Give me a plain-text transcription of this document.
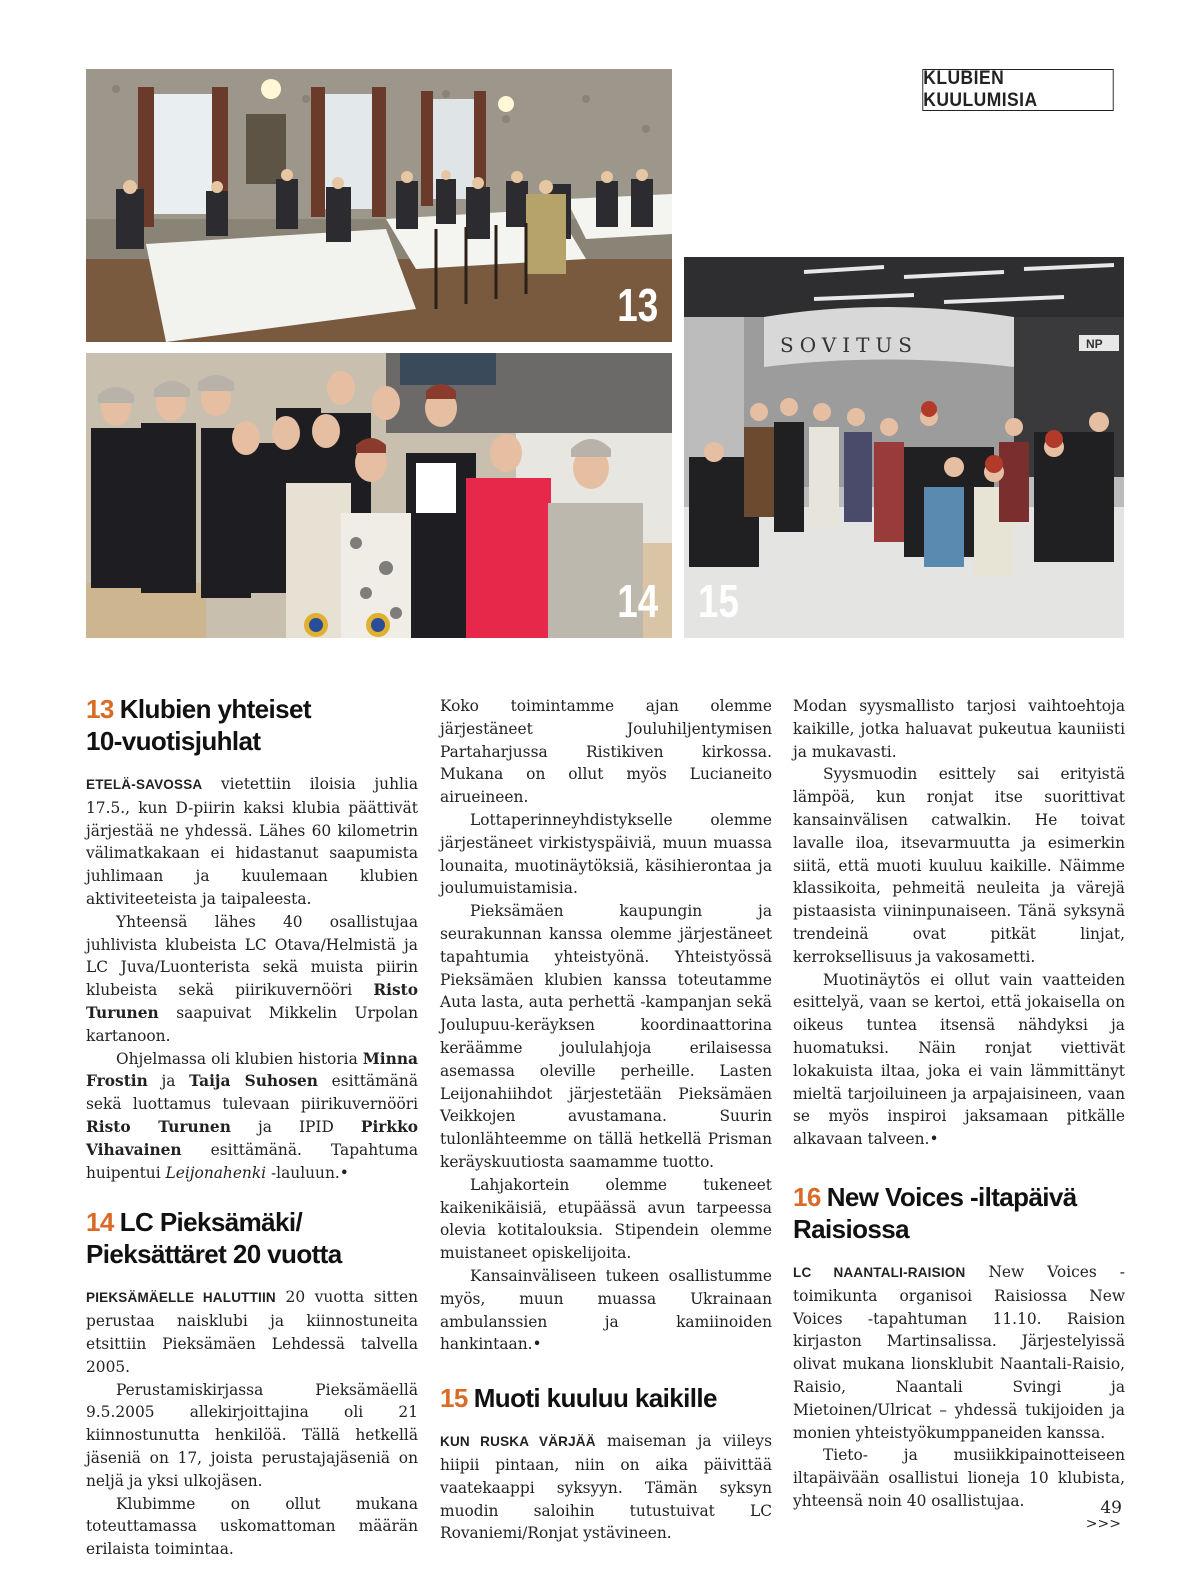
KLUBIEN KUULUMISIA
13
14
SOVITUS	NP
15
13 Klubien yhteiset
10-vuotisjuhlat

ETELÄ-SAVOSSA vietettiin iloisia juhlia 17.5., kun D-piirin kaksi klubia päättivät järjestää ne yhdessä. Lähes 60 kilometrin välimatkakaan ei hidastanut saapumista juhlimaan ja kuulemaan klubien aktiviteeteista ja taipaleesta.

Yhteensä lähes 40 osallistujaa juhlivista klubeista LC Otava/Helmistä ja LC Juva/Luonterista sekä muista piirin klubeista sekä piirikuvernööri Risto Turunen saapuivat Mikkelin Urpolan kartanoon.

Ohjelmassa oli klubien historia Minna Frostin ja Taija Suhosen esittämänä sekä luottamus tulevaan piirikuvernööri Risto Turunen ja IPID Pirkko Vihavainen esittämänä. Tapahtuma huipentui Leijonahenki -lauluun.•

14 LC Pieksämäki/
Pieksättäret 20 vuotta

PIEKSÄMÄELLE HALUTTIIN 20 vuotta sitten perustaa naisklubi ja kiinnostuneita etsittiin Pieksämäen Lehdessä talvella 2005.

Perustamiskirjassa Pieksämäellä 9.5.2005 allekirjoittajina oli 21 kiinnostunutta henkilöä. Tällä hetkellä jäseniä on 17, joista perustajajäseniä on neljä ja yksi ulkojäsen.

Klubimme on ollut mukana toteuttamassa uskomattoman määrän erilaista toimintaa.

Koko toimintamme ajan olemme järjestäneet Jouluhiljentymisen Partaharjussa Ristikiven kirkossa. Mukana on ollut myös Lucianeito airueineen.

Lottaperinneyhdistykselle olemme järjestäneet virkistyspäiviä, muun muassa lounaita, muotinäytöksiä, käsihierontaa ja joulumuistamisia.

Pieksämäen kaupungin ja seurakunnan kanssa olemme järjestäneet tapahtumia yhteistyönä. Yhteistyössä Pieksämäen klubien kanssa toteutamme Auta lasta, auta perhettä -kampanjan sekä Joulupuu-keräyksen koordinaattorina keräämme joululahjoja erilaisessa asemassa oleville perheille. Lasten Leijonahiihdot järjestetään Pieksämäen Veikkojen avustamana. Suurin tulonlähteemme on tällä hetkellä Prisman keräyskuutiosta saamamme tuotto.

Lahjakortein olemme tukeneet kaikenikäisiä, etupäässä avun tarpeessa olevia kotitalouksia. Stipendein olemme muistaneet opiskelijoita.

Kansainväliseen tukeen osallistumme myös, muun muassa Ukrainaan ambulanssien ja kamiinoiden hankintaan.•

15 Muoti kuuluu kaikille

KUN RUSKA VÄRJÄÄ maiseman ja viileys hiipii pintaan, niin on aika päivittää vaatekaappi syksyyn. Tämän syksyn muodin saloihin tutustuivat LC Rovaniemi/Ronjat ystävineen.

Modan syysmallisto tarjosi vaihtoehtoja kaikille, jotka haluavat pukeutua kauniisti ja mukavasti.

Syysmuodin esittely sai erityistä lämpöä, kun ronjat itse suorittivat kansainvälisen catwalkin. He toivat lavalle iloa, itsevarmuutta ja esimerkin siitä, että muoti kuuluu kaikille. Näimme klassikoita, pehmeitä neuleita ja värejä pistaasista viininpunaiseen. Tänä syksynä trendeinä ovat pitkät linjat, kerroksellisuus ja vakosametti.

Muotinäytös ei ollut vain vaatteiden esittelyä, vaan se kertoi, että jokaisella on oikeus tuntea itsensä nähdyksi ja huomatuksi. Näin ronjat viettivät lokakuista iltaa, joka ei vain lämmittänyt mieltä tarjoiluineen ja arpajaisineen, vaan se myös inspiroi jaksamaan pitkälle alkavaan talveen.•

16 New Voices -iltapäivä
Raisiossa

LC NAANTALI-RAISION New Voices -toimikunta organisoi Raisiossa New Voices -tapahtuman 11.10. Raision kirjaston Martinsalissa. Järjestelyissä olivat mukana lionsklubit Naantali-Raisio, Raisio, Naantali Svingi ja Mietoinen/Ulricat – yhdessä tukijoiden ja monien yhteistyökumppaneiden kanssa.

Tieto- ja musiikkipainotteiseen iltapäivään osallistui lioneja 10 klubista, yhteensä noin 40 osallistujaa.

>>>
49
